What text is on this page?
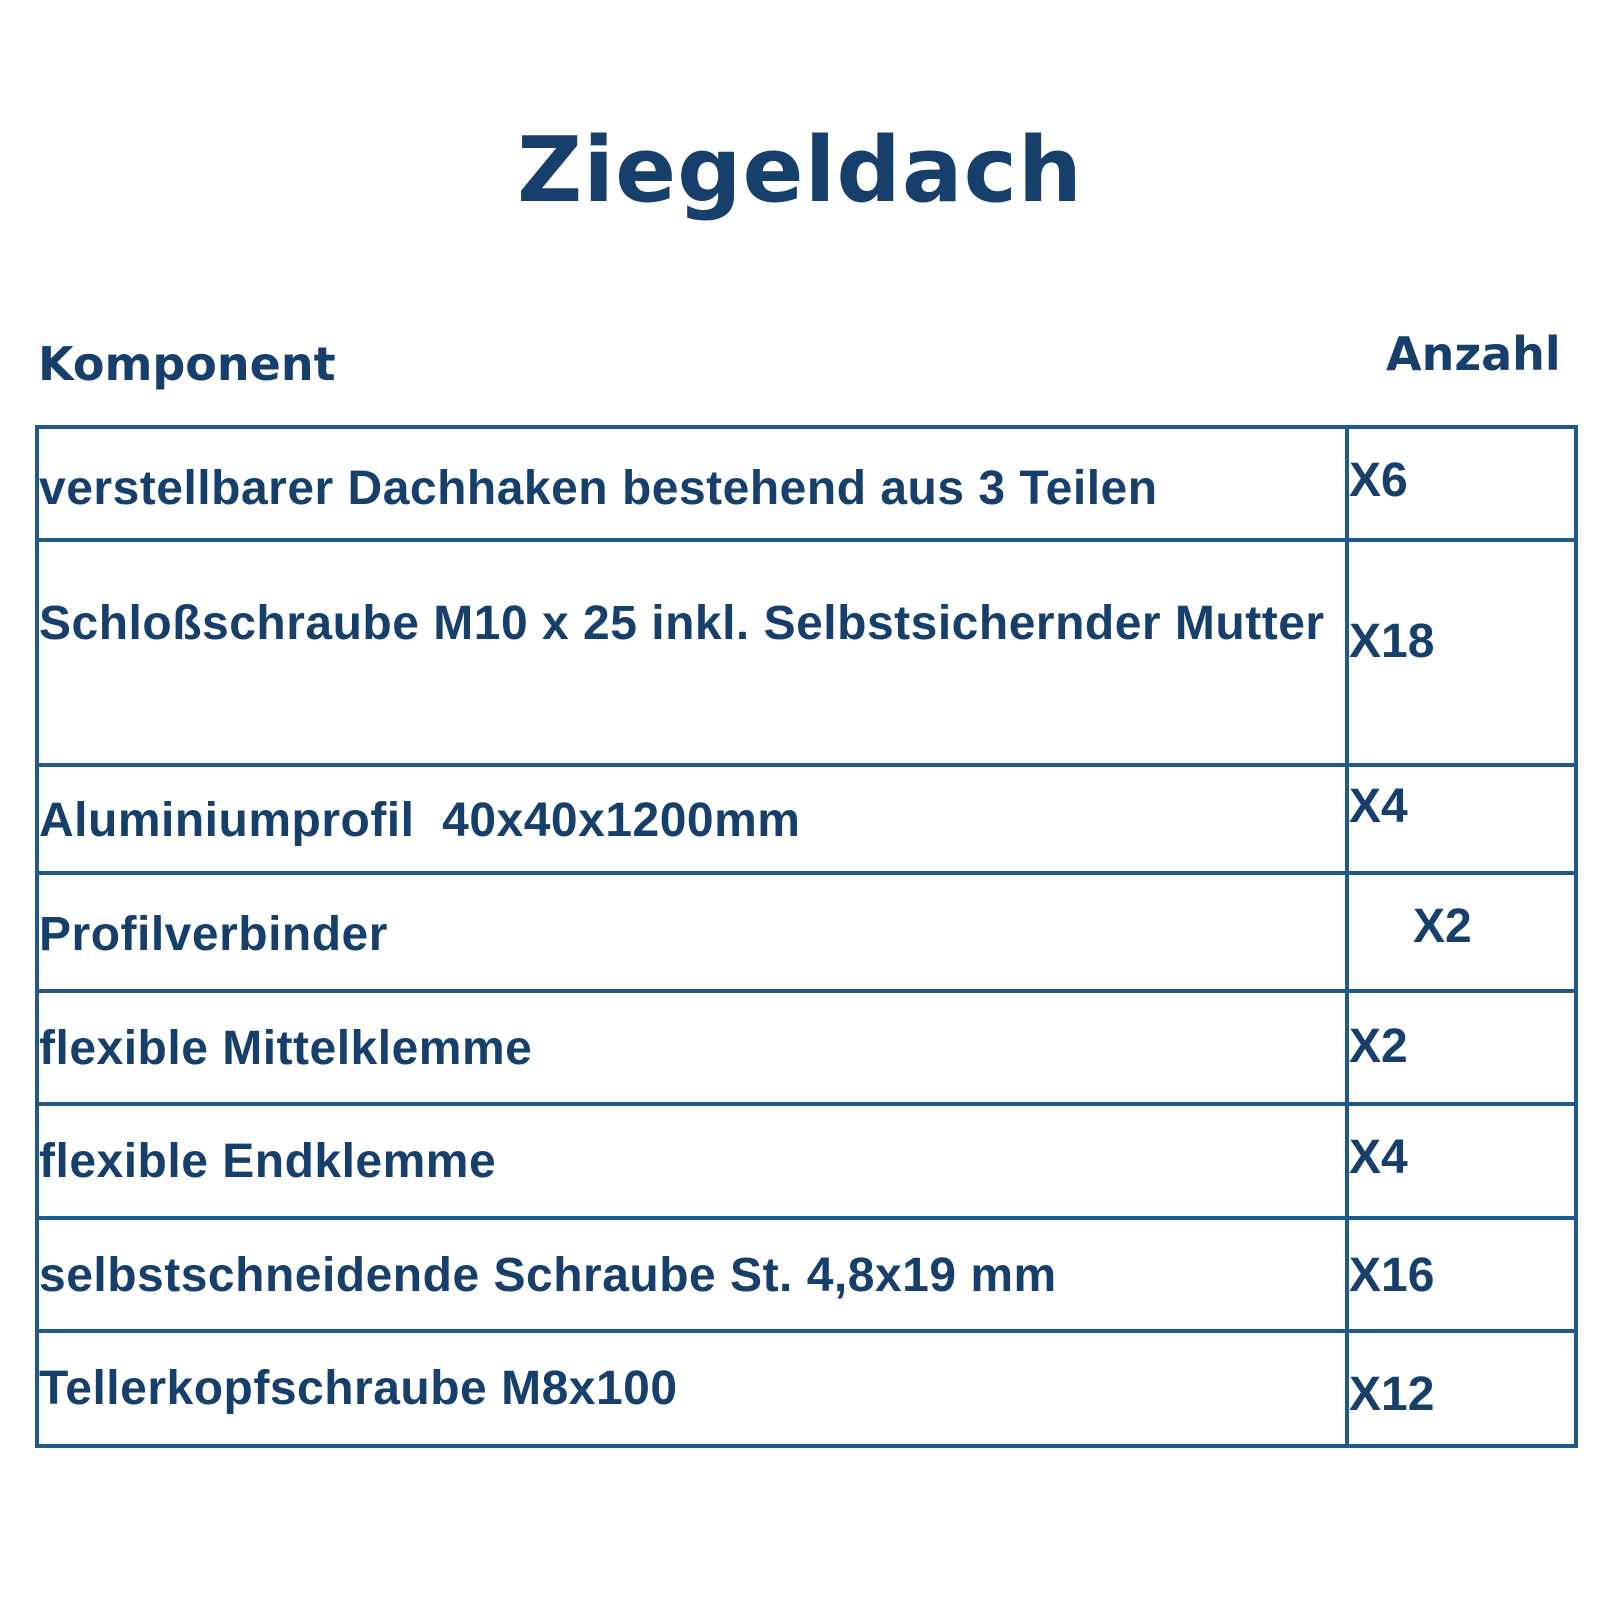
Ziegeldach
Komponent	Anzahl
verstellbarer Dachhaken bestehend aus 3 Teilen	X6
Schloßschraube M10 x 25 inkl. Selbstsichernder Mutter	X18
Aluminiumprofil  40x40x1200mm	X4
Profilverbinder	X2
flexible Mittelklemme	X2
flexible Endklemme	X4
selbstschneidende Schraube St. 4,8x19 mm	X16
Tellerkopfschraube M8x100	X12
